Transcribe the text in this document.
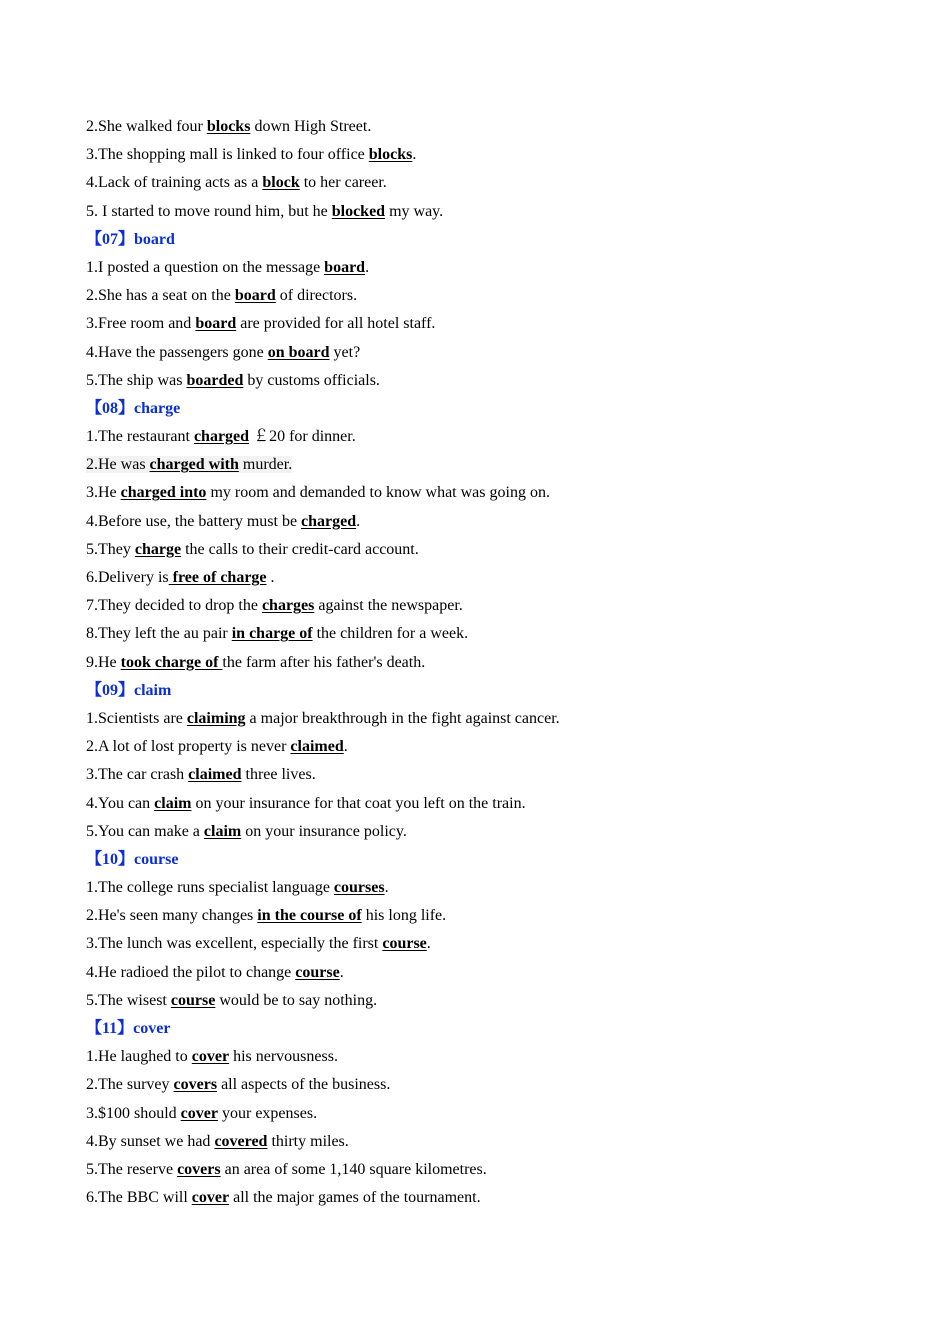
2.She walked four blocks down High Street.
3.The shopping mall is linked to four office blocks.
4.Lack of training acts as a block to her career.
5. I started to move round him, but he blocked my way.
【07】board
1.I posted a question on the message board.
2.She has a seat on the board of directors.
3.Free room and board are provided for all hotel staff.
4.Have the passengers gone on board yet?
5.The ship was boarded by customs officials.
【08】charge
1.The restaurant charged ￡20 for dinner.
2.He was charged with murder.
3.He charged into my room and demanded to know what was going on.
4.Before use, the battery must be charged.
5.They charge the calls to their credit-card account.
6.Delivery is free of charge .
7.They decided to drop the charges against the newspaper.
8.They left the au pair in charge of the children for a week.
9.He took charge of the farm after his father's death.
【09】claim
1.Scientists are claiming a major breakthrough in the fight against cancer.
2.A lot of lost property is never claimed.
3.The car crash claimed three lives.
4.You can claim on your insurance for that coat you left on the train.
5.You can make a claim on your insurance policy.
【10】course
1.The college runs specialist language courses.
2.He's seen many changes in the course of his long life.
3.The lunch was excellent, especially the first course.
4.He radioed the pilot to change course.
5.The wisest course would be to say nothing.
【11】cover
1.He laughed to cover his nervousness.
2.The survey covers all aspects of the business.
3.$100 should cover your expenses.
4.By sunset we had covered thirty miles.
5.The reserve covers an area of some 1,140 square kilometres.
6.The BBC will cover all the major games of the tournament.
